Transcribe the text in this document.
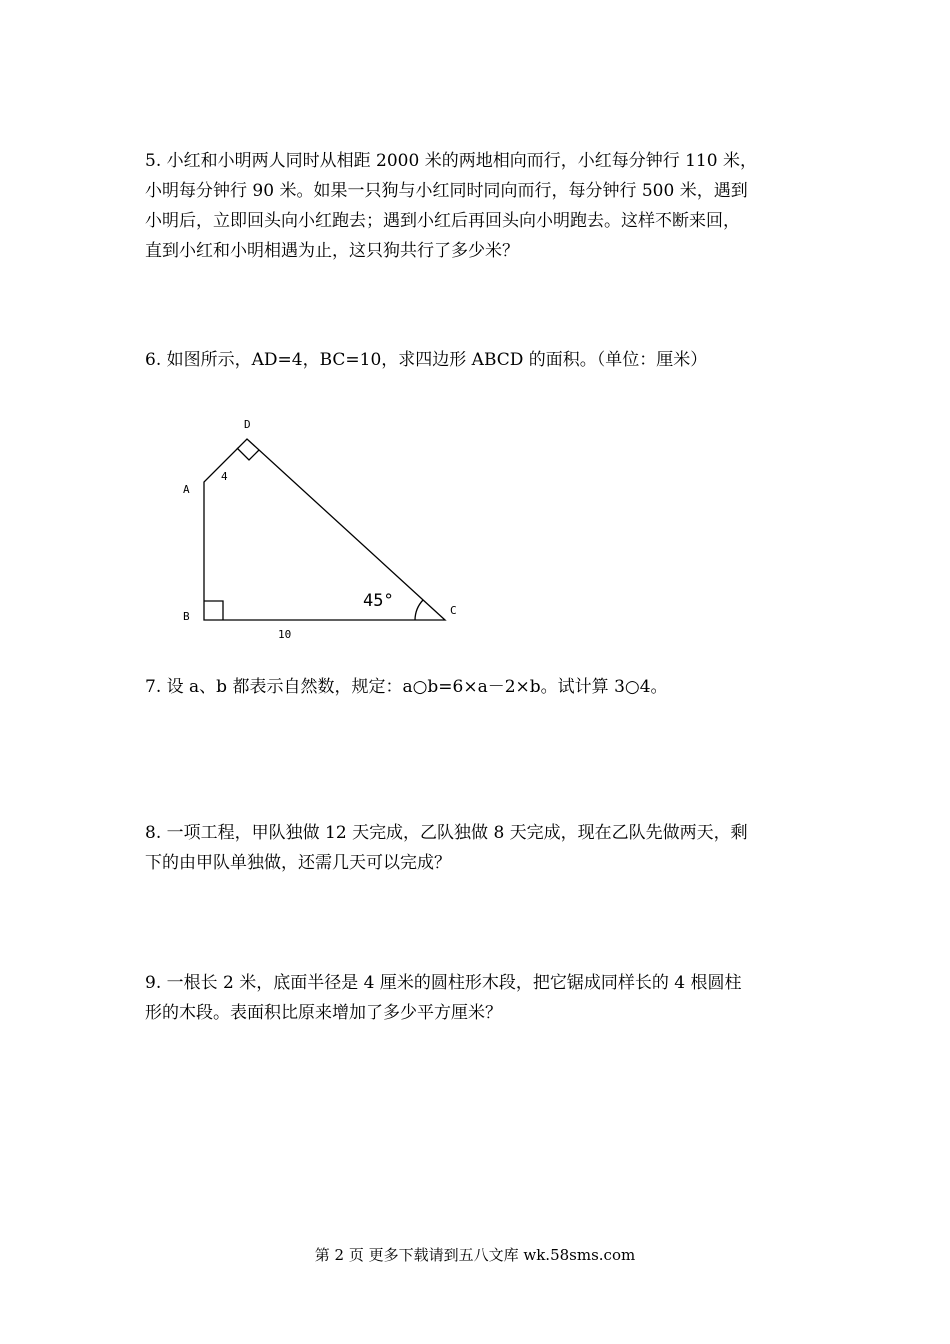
5. 小红和小明两人同时从相距 2000 米的两地相向而行，小红每分钟行 110 米，
小明每分钟行 90 米。如果一只狗与小红同时同向而行，每分钟行 500 米，遇到
小明后，立即回头向小红跑去；遇到小红后再回头向小明跑去。这样不断来回，
直到小红和小明相遇为止，这只狗共行了多少米？
6. 如图所示，AD=4，BC=10，求四边形 ABCD 的面积。（单位：厘米）
D
A
B	C
4
10
45°
7. 设 a、b 都表示自然数，规定：a○b=6×a－2×b。试计算 3○4。
8. 一项工程，甲队独做 12 天完成，乙队独做 8 天完成，现在乙队先做两天，剩
下的由甲队单独做，还需几天可以完成？
9. 一根长 2 米，底面半径是 4 厘米的圆柱形木段，把它锯成同样长的 4 根圆柱
形的木段。表面积比原来增加了多少平方厘米？
第 2 页 更多下载请到五八文库 wk.58sms.com
